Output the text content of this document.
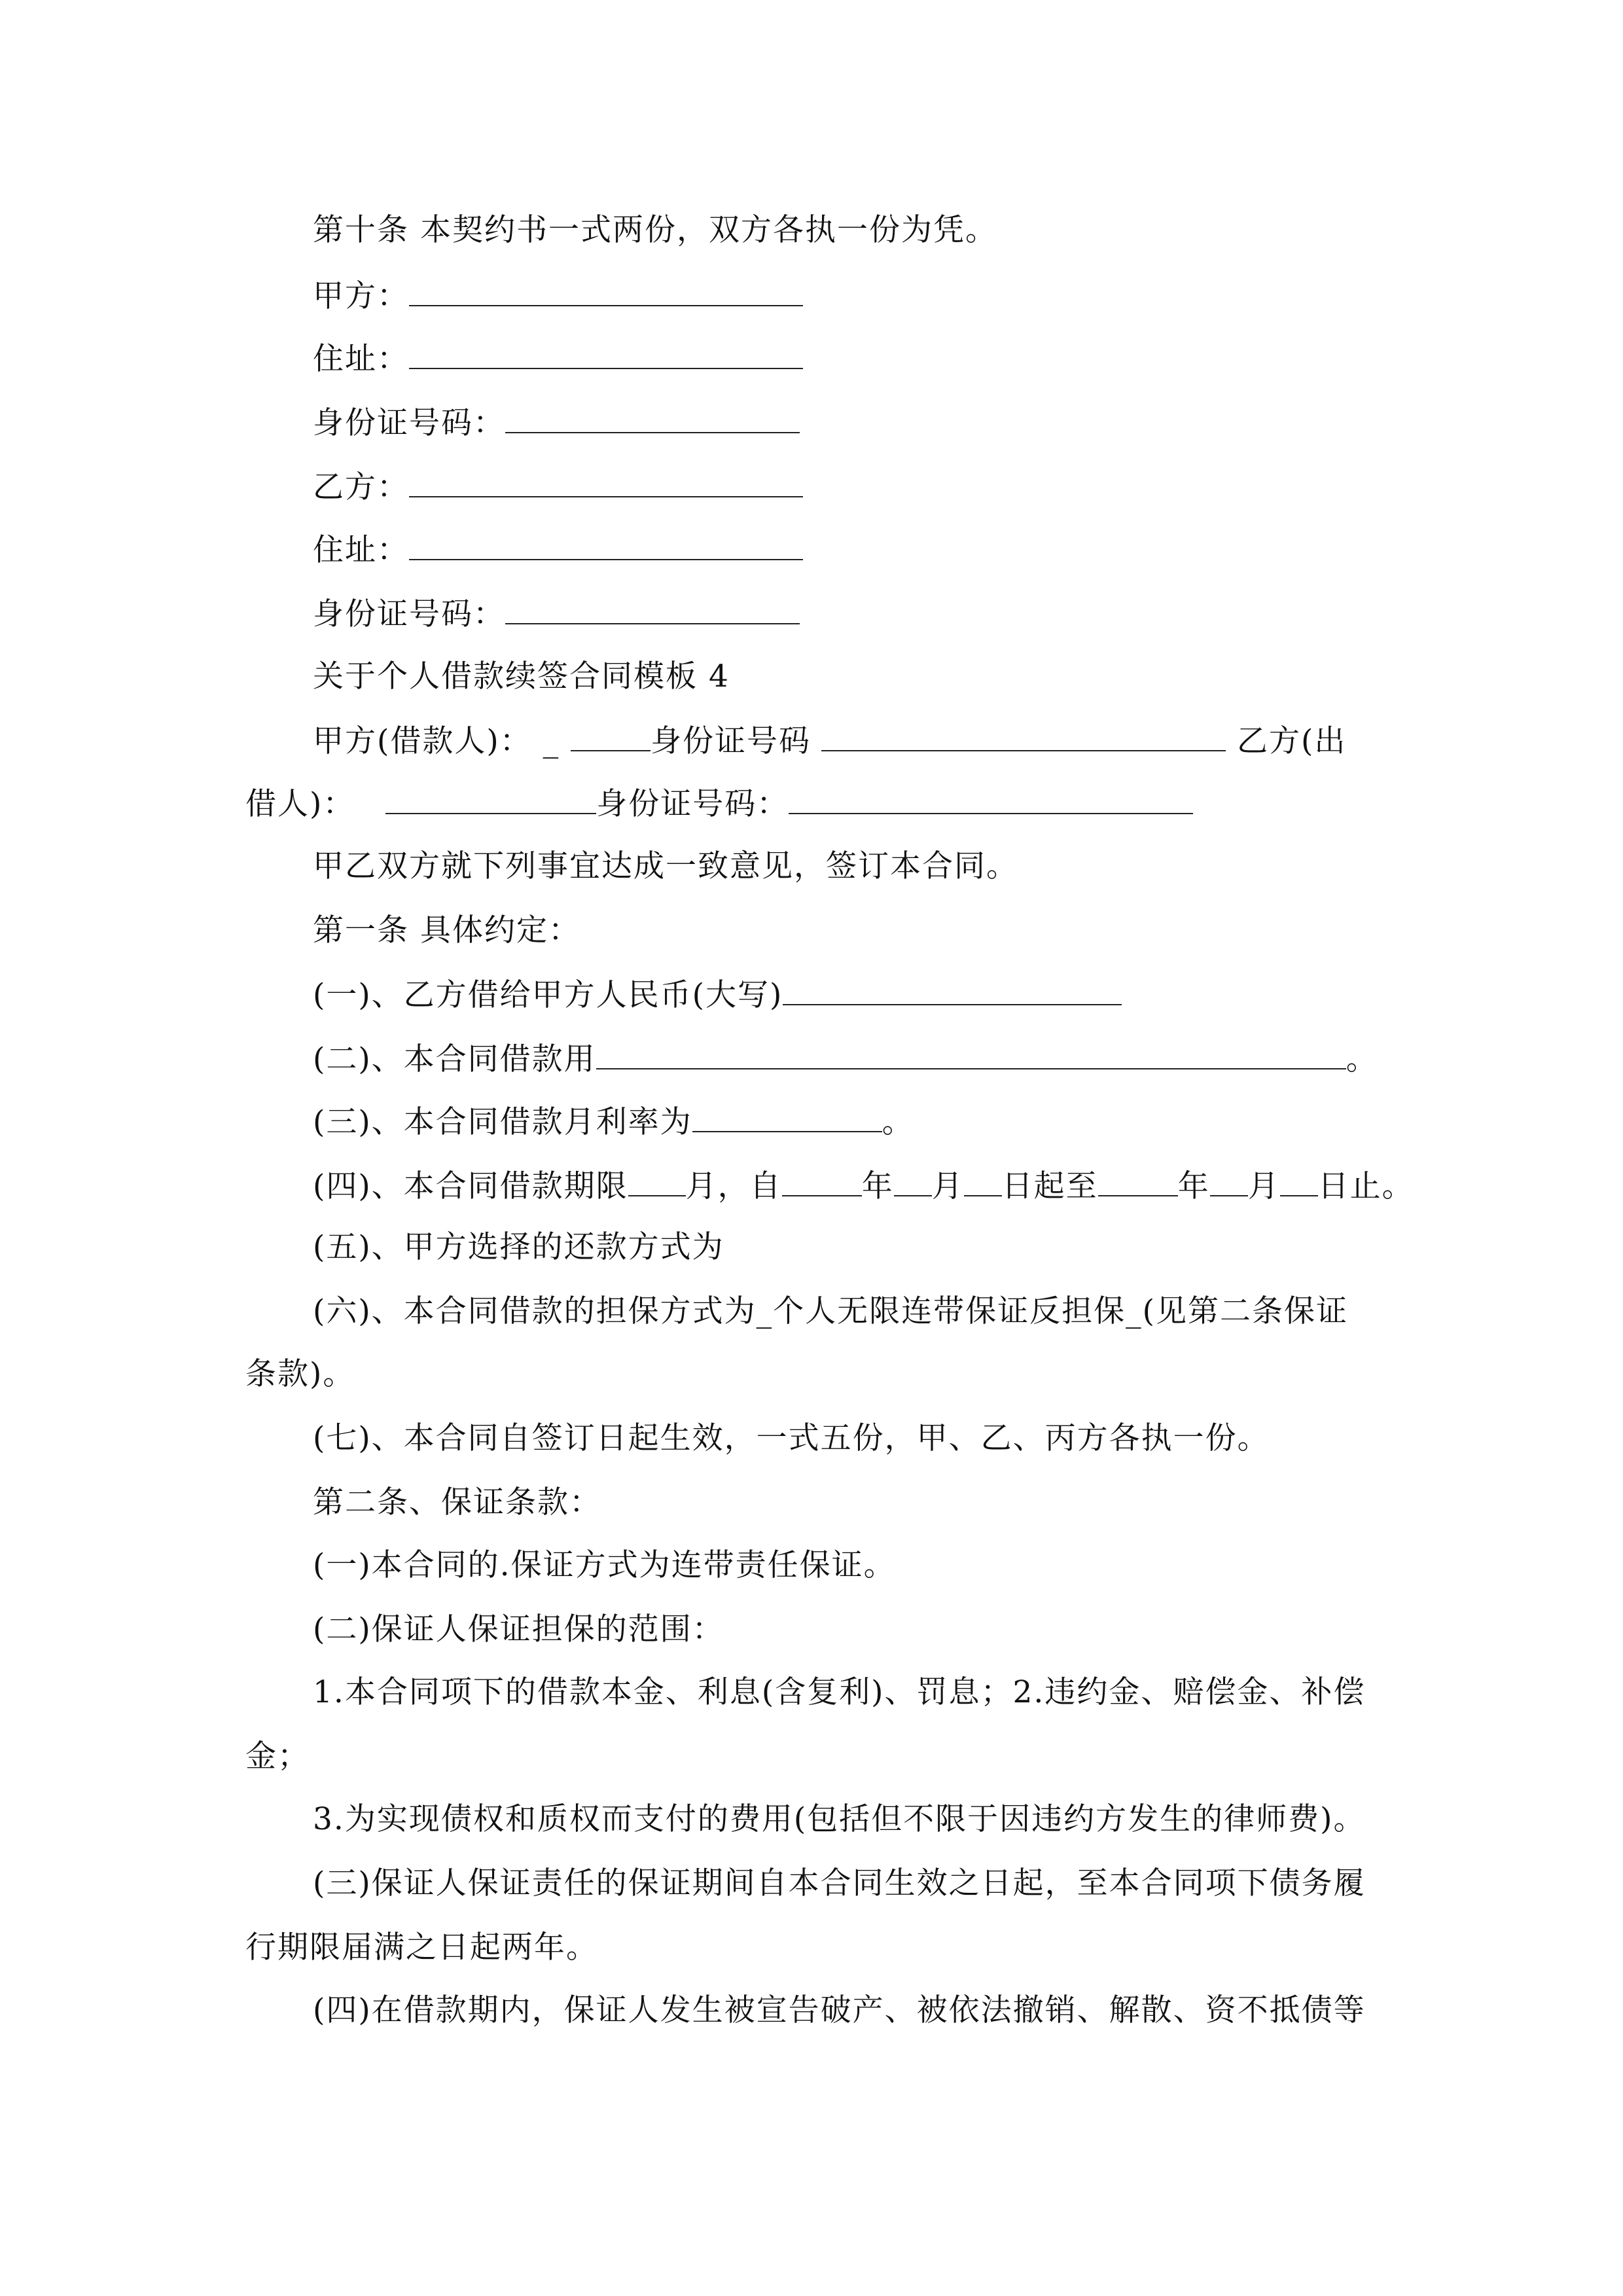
第十条 本契约书一式两份，双方各执一份为凭。
甲方：
住址：
身份证号码：
乙方：
住址：
身份证号码：
关于个人借款续签合同模板 4
甲方(借款人)： _	身份证号码	乙方(出
借人)：	身份证号码：
甲乙双方就下列事宜达成一致意见，签订本合同。
第一条 具体约定：
(一)、乙方借给甲方人民币(大写)
(二)、本合同借款用	。
(三)、本合同借款月利率为	。
(四)、本合同借款期限 月，自	年 月 日起至	年 月 日止。
(五)、甲方选择的还款方式为
(六)、本合同借款的担保方式为_个人无限连带保证反担保_(见第二条保证
条款)。
(七)、本合同自签订日起生效，一式五份，甲、乙、丙方各执一份。
第二条、保证条款：
(一)本合同的.保证方式为连带责任保证。
(二)保证人保证担保的范围：
1.本合同项下的借款本金、利息(含复利)、罚息；2.违约金、赔偿金、补偿
金；
3.为实现债权和质权而支付的费用(包括但不限于因违约方发生的律师费)。
(三)保证人保证责任的保证期间自本合同生效之日起，至本合同项下债务履
行期限届满之日起两年。
(四)在借款期内，保证人发生被宣告破产、被依法撤销、解散、资不抵债等
